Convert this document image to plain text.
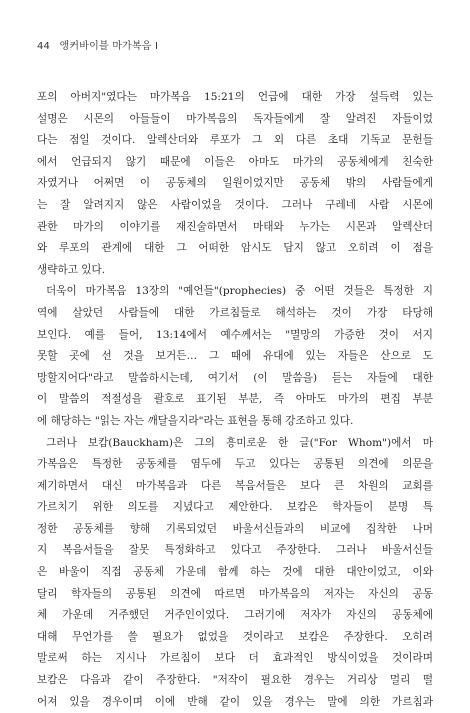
44 앵커바이블 마가복음 I
포의 아버지"였다는 마가복음 15:21의 언급에 대한 가장 설득력 있는
설명은 시몬의 아들들이 마가복음의 독자들에게 잘 알려진 자들이었
다는 점일 것이다. 알렉산더와 루포가 그 외 다른 초대 기독교 문헌들
에서 언급되지 않기 때문에 이들은 아마도 마가의 공동체에게 친숙한
자였거나 어쩌면 이 공동체의 일원이었지만 공동체 밖의 사람들에게
는 잘 알려지지 않은 사람이었을 것이다. 그러나 구레네 사람 시몬에
관한 마가의 이야기를 재진술하면서 마태와 누가는 시몬과 알렉산더
와 루포의 관계에 대한 그 어떠한 암시도 담지 않고 오히려 이 점을
생략하고 있다.
더욱이 마가복음 13장의 "예언들"(prophecies) 중 어떤 것들은 특정한 지
역에 살았던 사람들에 대한 가르침들로 해석하는 것이 가장 타당해
보인다. 예를 들어, 13:14에서 예수께서는 "멸망의 가증한 것이 서지
못할 곳에 선 것을 보거든… 그 때에 유대에 있는 자들은 산으로 도
망할지어다"라고 말씀하시는데, 여기서 (이 말씀을) 듣는 자들에 대한
이 말씀의 적절성을 괄호로 표기된 부분, 즉 아마도 마가의 편집 부분
에 해당하는 "읽는 자는 깨달을지라"라는 표현을 통해 강조하고 있다.
그러나 보캄(Bauckham)은 그의 흥미로운 한 글("For Whom")에서 마
가복음은 특정한 공동체를 염두에 두고 있다는 공통된 의견에 의문을
제기하면서 대신 마가복음과 다른 복음서들은 보다 큰 차원의 교회를
가르치기 위한 의도를 지녔다고 제안한다. 보캄은 학자들이 분명 특
정한 공동체를 향해 기록되었던 바울서신들과의 비교에 집착한 나머
지 복음서들을 잘못 특정화하고 있다고 주장한다. 그러나 바울서신들
은 바울이 직접 공동체 가운데 함께 하는 것에 대한 대안이었고, 이와
달리 학자들의 공통된 의견에 따르면 마가복음의 저자는 자신의 공동
체 가운데 거주했던 거주인이었다. 그러기에 저자가 자신의 공동체에
대해 무언가를 쓸 필요가 없었을 것이라고 보캄은 주장한다. 오히려
말로써 하는 지시나 가르침이 보다 더 효과적인 방식이었을 것이라며
보캄은 다음과 같이 주장한다. "저작이 필요한 경우는 거리상 멀리 떨
어져 있을 경우이며 이에 반해 같이 있을 경우는 말에 의한 가르침과
